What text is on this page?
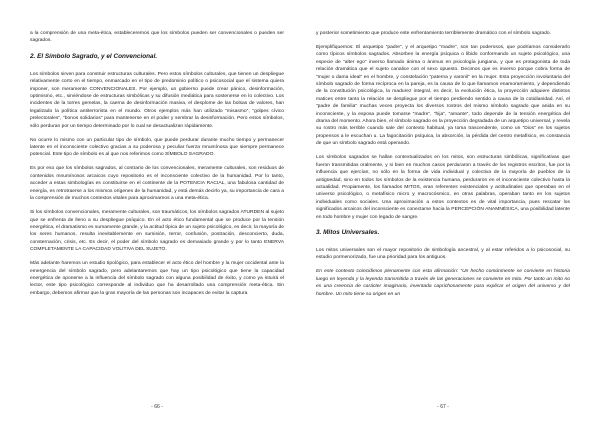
a la comprensión de una meta-ética, estableceremos que los símbolos pueden ser convencionales o pueden ser sagrados.

2. El Símbolo Sagrado, y el Convencional.

Los símbolos sirven para construir estructuras culturales. Pero estos símbolos culturales, que tienen un despliegue relativamente corto en el tiempo, enmarcado en el tipo de predominio político o psicosocial que el sistema quiera imponer, son meramente CONVENCIONALES. Por ejemplo, un gobierno puede crear pánico, desinformación, optimismo, etc., sirviéndose de estructuras simbólicas y su difusión mediática para sostenerse en lo colectivo. Los incidentes de la torres gemelas, la caerna de desinformación masiva, el desplome de las bolsas de valores, han legalizado la política antiterrorista en el mundo. Otros ejemplos más han utilizado “misasmo”, “golpes cívico prelectorales”, “bonos solidarios” para mantenerse en el poder y sembrar la desinformación. Pero estos símbolos, sólo perduran por un tiempo determinado por lo cual se desactualizan rápidamente.

No ocurre lo mismo con un particular tipo de símbolo, que puede perdurar durante mucho tiempo y permanecer latente en el inconsciente colectivo gracias a su poderosa y peculiar fuerza mnumínosa que siempre permanece potencial. Este tipo de símbolo es al que nos referimos como SÍMBOLO SAGRADO.

Es por eso que los símbolos sagrados, al contrario de los convencionales, meramente culturales, son residuos de contenidos mnumínosos arcaicos cuyo repositorio es el inconsciente colectivo de la humanidad. Por lo tanto, acceder a estas simbologías es constituirse en el continente de la POTENCIA RACIAL, una fabulosa cantidad de energía, es retrotraerse a los mismos orígenes de la humanidad, y está demás decirlo ya, su importancia de cara a la comprensión de muchos contextos vitales para aproximarnos a una meta-ética.

Si los símbolos convencionales, meramente culturales, son traumáticos, los símbolos sagrados ATURDEN al sujeto que se enfrenta de lleno a su despliegue psíquico. En el acto ético fundamental que se produce por la tensión energética, el dramatismo es sumamente grande, y la actitud típica de un sujeto psicológico, es decir, la mayoría de los seres humanos, resulta inevitablemente en sumisión, terror, confusión, postración, desconcierto, duda, consternación, crisis, etc. Es decir, el poder del símbolo sagrado es demasiado grande y por lo tanto ENERVA COMPLETAMENTE LA CAPACIDAD VOLITIVA DEL SUJETO.

Más adelante haremos un estudio tipológico, para establecer el acto ético del hombre y la mujer occidental ante la emergencia del símbolo sagrado, pero adelantaremos que hay un tipo psicológico que tiene la capacidad energética de oponerse a la influencia del símbolo sagrado con alguna posibilidad de éxito, y como ya intuirá el lector, este tipo psicológico corresponde al individuo que ha desarrollado una comprensión meta-ética. Sin embargo, debemos afirmar que la gran mayoría de las personas son incapaces de evitar la captura

- 66 -

y posterior sometimiento que produce este enfrentamiento terriblemente dramático con el símbolo sagrado.

Ejemplifiquemos: El arquetipo “padre”, y el arquetipo “madre”, son tan poderosos, que podríamos considerarlo como típicos símbolos sagrados. Absorben la energía psíquica o libido conformando un sujeto psicológico, una especie de “alter ego” inverso llamado ánima o ánimus en psicología jungiana, y que es protagonista de toda relación dramática que el sujeto canalice con el sexo opuesto. Decimos que es inverso porque cobra forma de “mujer o dama ideal” en el hombre, y constelación “paterna y varonil” en la mujer. Esta proyección involuntaria del símbolo sagrado de forma recíproca en la pareja, es la causa de lo que llamamos enamoramiento, y dependiendo de la constitución psicológica, la madurez integral, es decir, la evolución ética, la proyección adquiere distintos matices entre tanto la relación se despliegue por el tiempo perdiendo sentido a causa de la cotidianidad. Así, el “padre de familia” muchas veces proyecta los diversos rostros del mismo símbolo sagrado que anida en su inconsciente, y la esposa puede tomarse “madre”, “hija”, “amante”, todo depende de la tensión energética del drama del momento. Ahora bien, el símbolo sagrado es la proyección degradada de un arquetipo universal, y revela su rostro más terrible cuando sale del contexto habitual, ya toma trascendente, como un “Dios” en los sujetos propensos a le escuchan u. La fagocitación psíquica, la absorción, la pérdida del centro metafísico, es constancia de que un símbolo sagrado está operando.

Los símbolos sagrados se hallan contextualizados en los mitos, son estructuras simbólicas, significativas que fueron transmitidas oralmente, y si bien en muchos casos perduraron a través de los registros escritos, fue por la influencia que ejercían, no sólo en la forma de vida individual y colectiva de la mayoría de pueblos de la antigüedad, sino en todos los símbolos de la existencia humana, perduraron en el inconsciente colectivo hasta la actualidad. Propiamente, los llamados MITOS, eran referentes existenciales y actitudinales que operaban en el universo psicológico, o metafísico micro y macrocósmico, en otras palabras, operaban tanto en los sujetos individuales como sociales. Una aproximación a estos contextos es de vital importancia, pues rescatar los significados arcaicos del inconsciente es conectarse hacia la PERCEPCIÓN ANAMNÉSICA, una posibilidad latente en todo hombre y mujer con legado de sangre.

3. Mitos Universales.

Los mitos universales son el mayor repositorio de simbología ancestral, y al estar referidos a lo psicosocial, su estudio pormenorizado, fue una prioridad para los antiguos.

En este contexto coincidimos plenamente con esta afirmación: “Un hecho comúnmente se convierte en historia luego en leyenda y la leyenda transmitida a través de las generaciones se convierte en mito. Por tanto un mito no es una creencia de carácter imaginario, inventada caprichosamente para explicar el origen del universo y del hombre. Un mito tiene su origen en un

- 67 -
